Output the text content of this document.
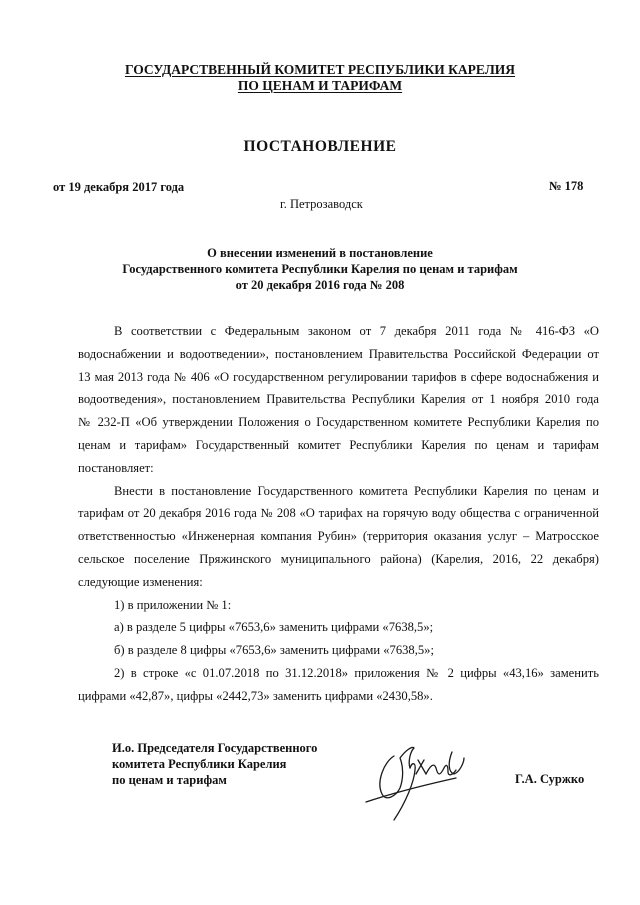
ГОСУДАРСТВЕННЫЙ КОМИТЕТ РЕСПУБЛИКИ КАРЕЛИЯ
ПО ЦЕНАМ И ТАРИФАМ
ПОСТАНОВЛЕНИЕ
от 19 декабря 2017 года	№ 178
г. Петрозаводск
О внесении изменений в постановление
Государственного комитета Республики Карелия по ценам и тарифам
от 20 декабря 2016 года № 208

В соответствии с Федеральным законом от 7 декабря 2011 года № 416-ФЗ «О
водоснабжении и водоотведении», постановлением Правительства Российской Федерации от
13 мая 2013 года № 406 «О государственном регулировании тарифов в сфере водоснабжения и
водоотведения», постановлением Правительства Республики Карелия от 1 ноября 2010 года
№ 232-П «Об утверждении Положения о Государственном комитете Республики Карелия по
ценам и тарифам» Государственный комитет Республики Карелия по ценам и тарифам
постановляет:

Внести в постановление Государственного комитета Республики Карелия по ценам и
тарифам от 20 декабря 2016 года № 208 «О тарифах на горячую воду общества с ограниченной
ответственностью «Инженерная компания Рубин» (территория оказания услуг – Матросское
сельское поселение Пряжинского муниципального района) (Карелия, 2016, 22 декабря)
следующие изменения:

1) в приложении № 1:

а) в разделе 5 цифры «7653,6» заменить цифрами «7638,5»;

б) в разделе 8 цифры «7653,6» заменить цифрами «7638,5»;

2) в строке «с 01.07.2018 по 31.12.2018» приложения № 2 цифры «43,16» заменить
цифрами «42,87», цифры «2442,73» заменить цифрами «2430,58».

И.о. Председателя Государственного
комитета Республики Карелия
по ценам и тарифам	Г.А. Суржко
